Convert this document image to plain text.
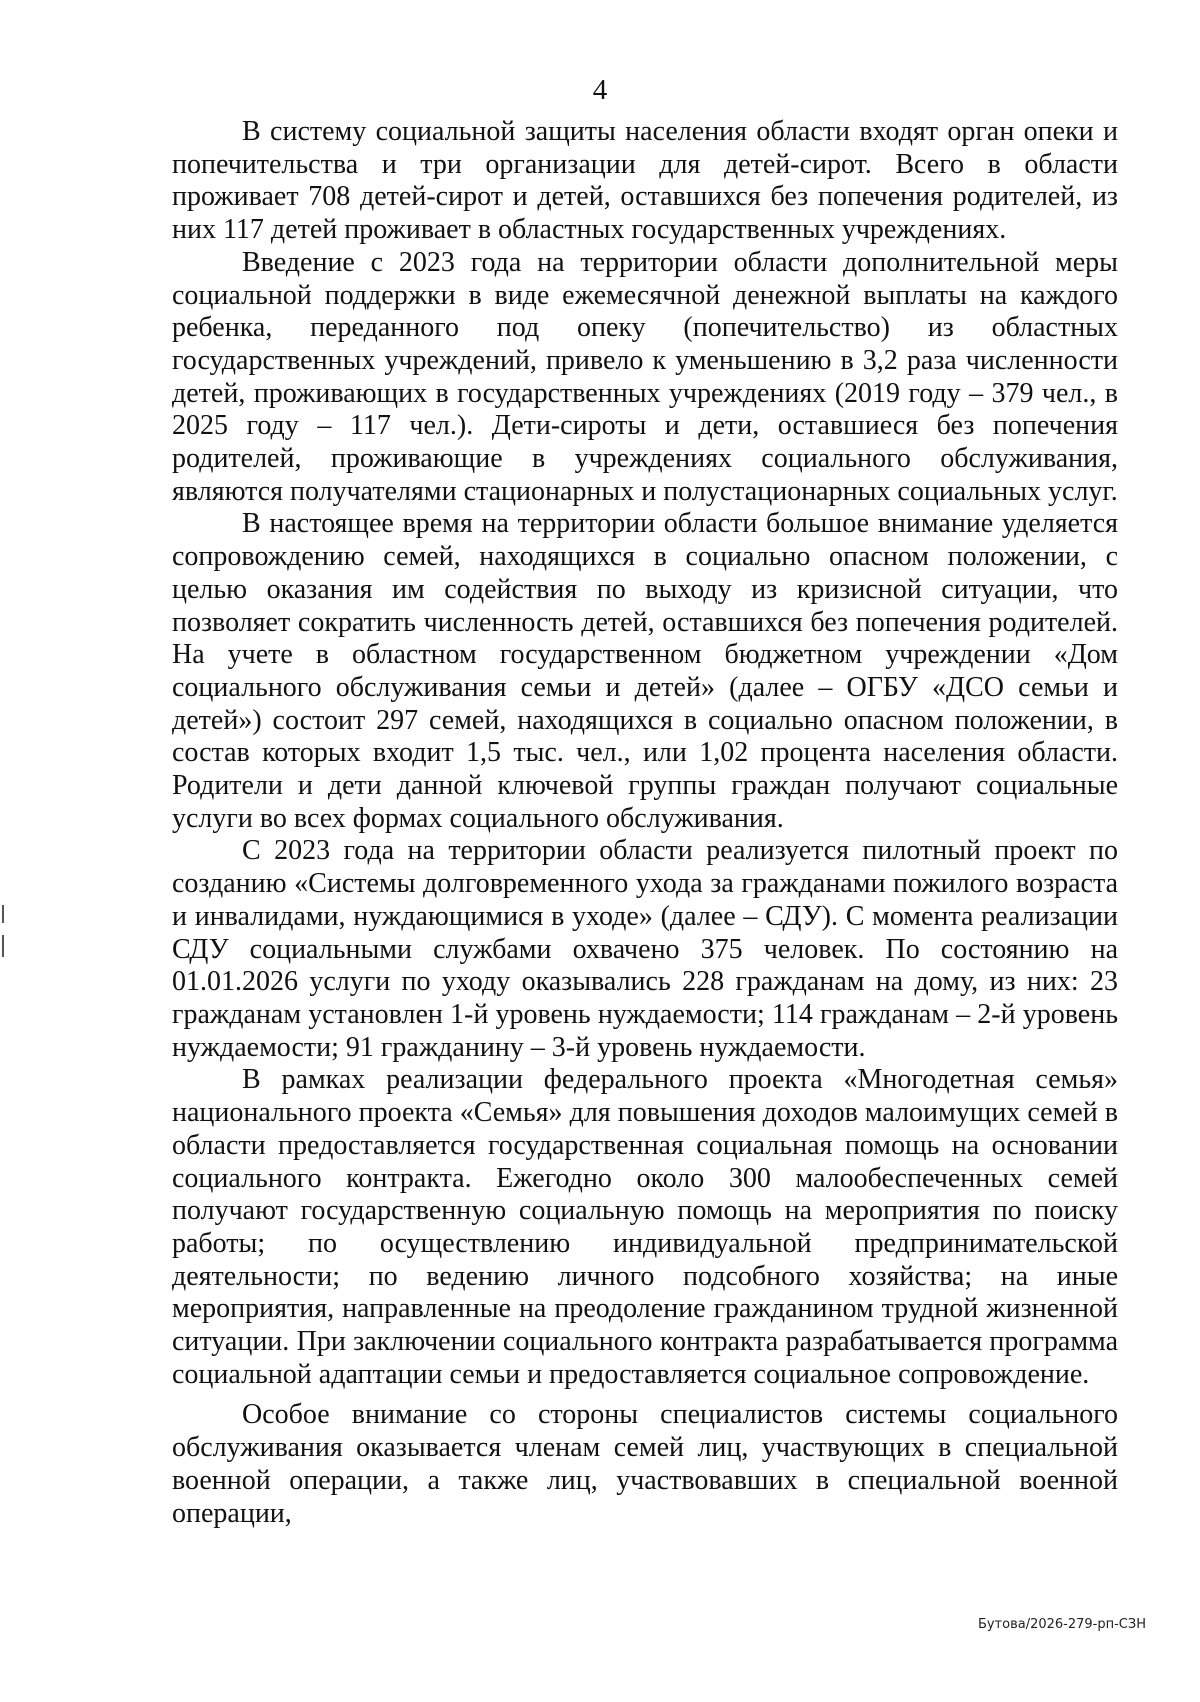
4

В систему социальной защиты населения области входят орган опеки и попечительства и три организации для детей-сирот. Всего в области проживает 708 детей-сирот и детей, оставшихся без попечения родителей, из них 117 детей проживает в областных государственных учреждениях.

Введение с 2023 года на территории области дополнительной меры социальной поддержки в виде ежемесячной денежной выплаты на каждого ребенка, переданного под опеку (попечительство) из областных государственных учреждений, привело к уменьшению в 3,2 раза численности детей, проживающих в государственных учреждениях (2019 году – 379 чел., в 2025 году – 117 чел.). Дети-сироты и дети, оставшиеся без попечения родителей, проживающие в учреждениях социального обслуживания, являются получателями стационарных и полустационарных социальных услуг.

В настоящее время на территории области большое внимание уделяется сопровождению семей, находящихся в социально опасном положении, с целью оказания им содействия по выходу из кризисной ситуации, что позволяет сократить численность детей, оставшихся без попечения родителей. На учете в областном государственном бюджетном учреждении «Дом социального обслуживания семьи и детей» (далее – ОГБУ «ДСО семьи и детей») состоит 297 семей, находящихся в социально опасном положении, в состав которых входит 1,5 тыс. чел., или 1,02 процента населения области. Родители и дети данной ключевой группы граждан получают социальные услуги во всех формах социального обслуживания.

С 2023 года на территории области реализуется пилотный проект по созданию «Системы долговременного ухода за гражданами пожилого возраста и инвалидами, нуждающимися в уходе» (далее – СДУ). С момента реализации СДУ социальными службами охвачено 375 человек. По состоянию на 01.01.2026 услуги по уходу оказывались 228 гражданам на дому, из них: 23 гражданам установлен 1-й уровень нуждаемости; 114 гражданам – 2-й уровень нуждаемости; 91 гражданину – 3-й уровень нуждаемости.

В рамках реализации федерального проекта «Многодетная семья» национального проекта «Семья» для повышения доходов малоимущих семей в области предоставляется государственная социальная помощь на основании социального контракта. Ежегодно около 300 малообеспеченных семей получают государственную социальную помощь на мероприятия по поиску работы; по осуществлению индивидуальной предпринимательской деятельности; по ведению личного подсобного хозяйства; на иные мероприятия, направленные на преодоление гражданином трудной жизненной ситуации. При заключении социального контракта разрабатывается программа социальной адаптации семьи и предоставляется социальное сопровождение.

Особое внимание со стороны специалистов системы социального обслуживания оказывается членам семей лиц, участвующих в специальной военной операции, а также лиц, участвовавших в специальной военной операции,

Бутова/2026-279-рп-СЗН
